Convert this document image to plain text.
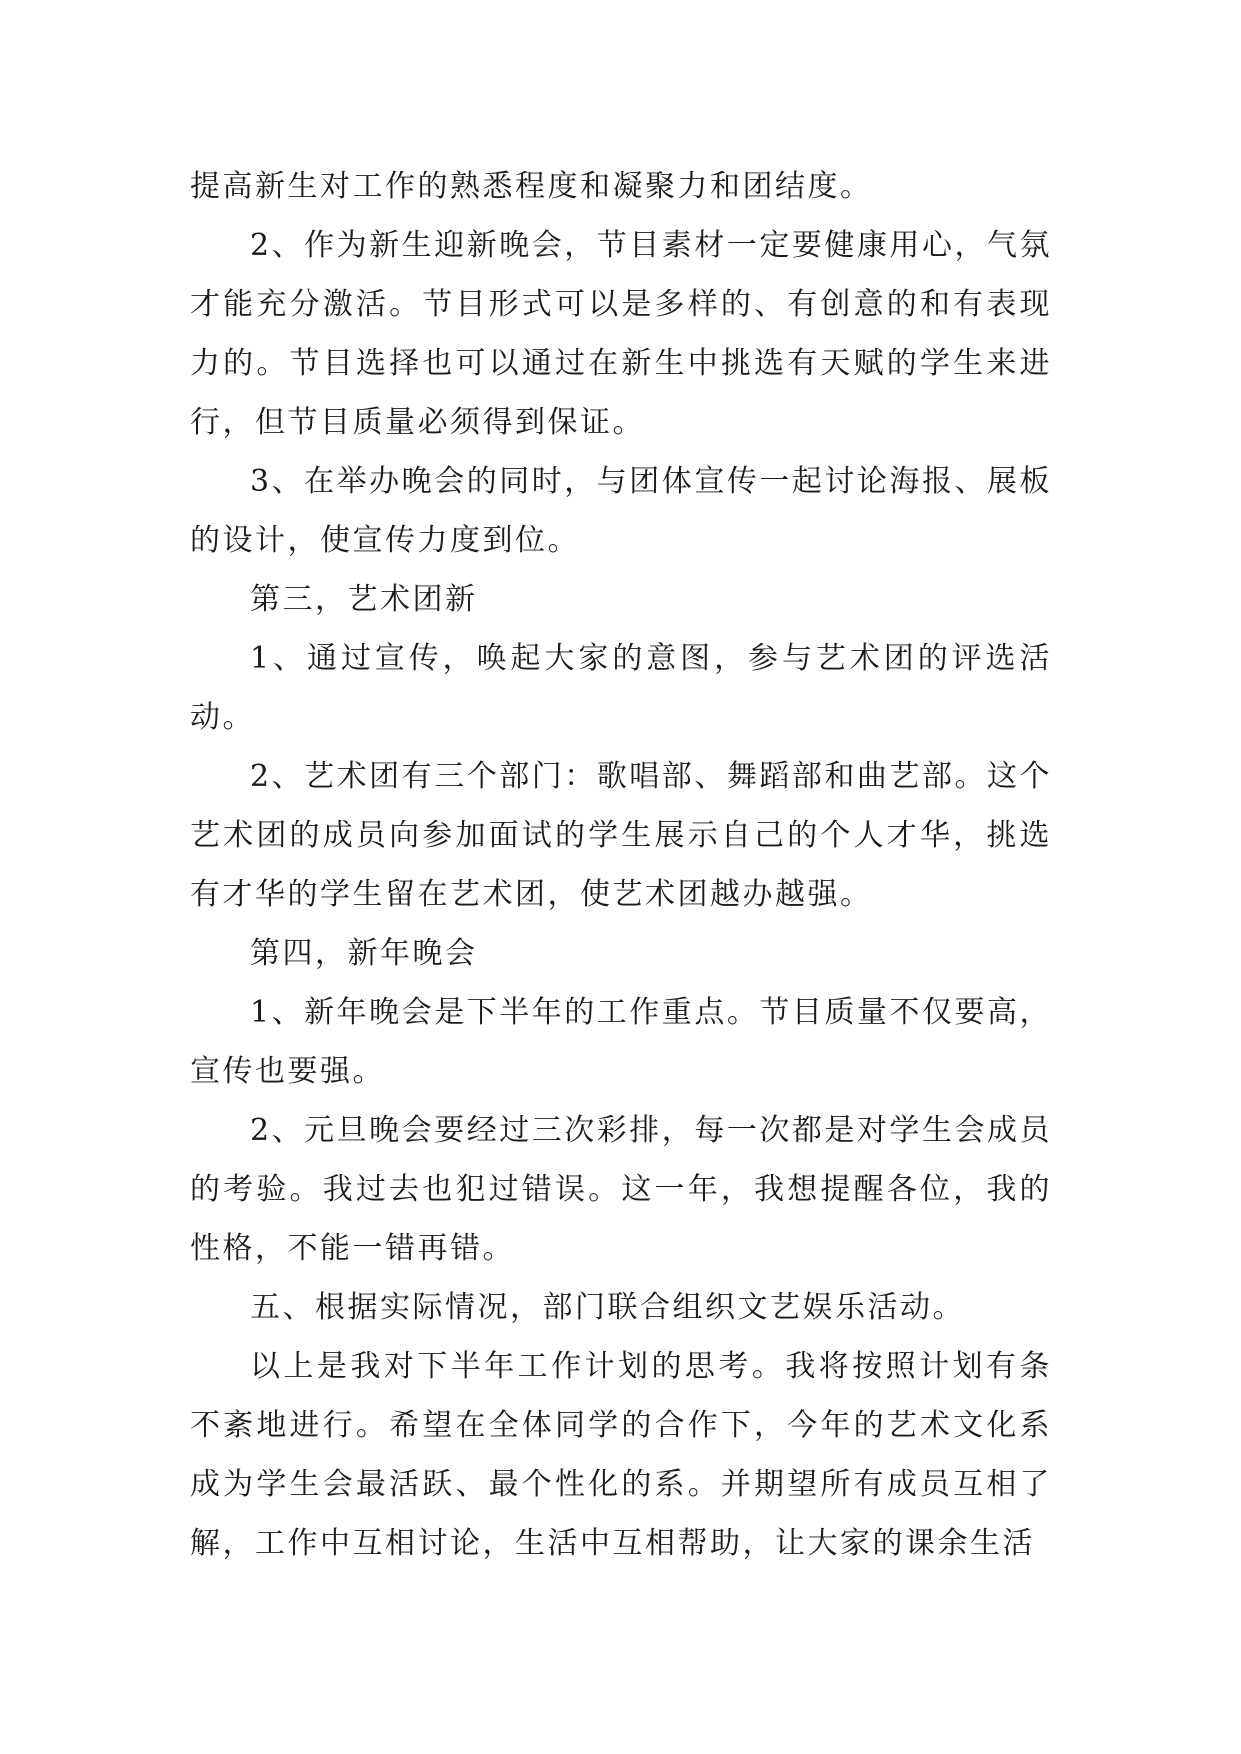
提高新生对工作的熟悉程度和凝聚力和团结度。

2、作为新生迎新晚会，节目素材一定要健康用心，气氛才能充分激活。节目形式可以是多样的、有创意的和有表现力的。节目选择也可以通过在新生中挑选有天赋的学生来进行，但节目质量必须得到保证。

3、在举办晚会的同时，与团体宣传一起讨论海报、展板的设计，使宣传力度到位。

第三，艺术团新

1、通过宣传，唤起大家的意图，参与艺术团的评选活动。

2、艺术团有三个部门：歌唱部、舞蹈部和曲艺部。这个艺术团的成员向参加面试的学生展示自己的个人才华，挑选有才华的学生留在艺术团，使艺术团越办越强。

第四，新年晚会

1、新年晚会是下半年的工作重点。节目质量不仅要高，宣传也要强。

2、元旦晚会要经过三次彩排，每一次都是对学生会成员的考验。我过去也犯过错误。这一年，我想提醒各位，我的性格，不能一错再错。

五、根据实际情况，部门联合组织文艺娱乐活动。

以上是我对下半年工作计划的思考。我将按照计划有条不紊地进行。希望在全体同学的合作下，今年的艺术文化系成为学生会最活跃、最个性化的系。并期望所有成员互相了解，工作中互相讨论，生活中互相帮助，让大家的课余生活
